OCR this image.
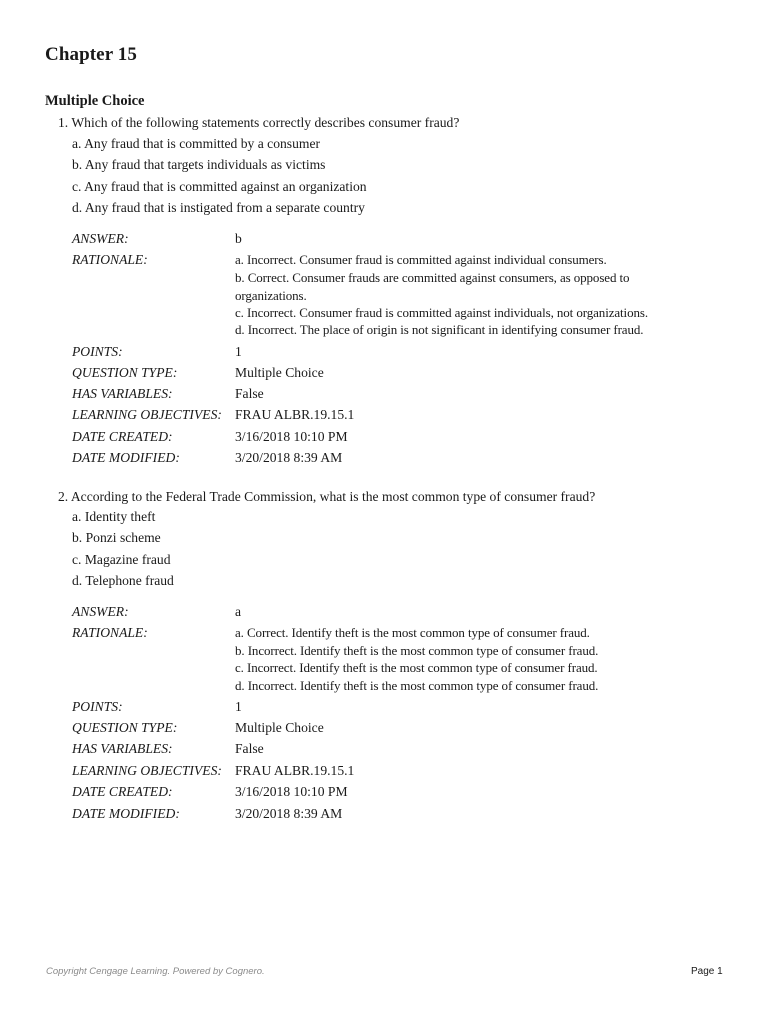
Chapter 15
Multiple Choice
1. Which of the following statements correctly describes consumer fraud?
a. Any fraud that is committed by a consumer
b. Any fraud that targets individuals as victims
c. Any fraud that is committed against an organization
d. Any fraud that is instigated from a separate country
ANSWER:	b
RATIONALE:	a. Incorrect. Consumer fraud is committed against individual consumers.
b. Correct. Consumer frauds are committed against consumers, as opposed to
organizations.
c. Incorrect. Consumer fraud is committed against individuals, not organizations.
d. Incorrect. The place of origin is not significant in identifying consumer fraud.
POINTS:	1
QUESTION TYPE:	Multiple Choice
HAS VARIABLES:	False
LEARNING OBJECTIVES: FRAU ALBR.19.15.1
DATE CREATED:	3/16/2018 10:10 PM
DATE MODIFIED:	3/20/2018 8:39 AM
2. According to the Federal Trade Commission, what is the most common type of consumer fraud?
a. Identity theft
b. Ponzi scheme
c. Magazine fraud
d. Telephone fraud
ANSWER:	a
RATIONALE:	a. Correct. Identify theft is the most common type of consumer fraud.
b. Incorrect. Identify theft is the most common type of consumer fraud.
c. Incorrect. Identify theft is the most common type of consumer fraud.
d. Incorrect. Identify theft is the most common type of consumer fraud.
POINTS:	1
QUESTION TYPE:	Multiple Choice
HAS VARIABLES:	False
LEARNING OBJECTIVES: FRAU ALBR.19.15.1
DATE CREATED:	3/16/2018 10:10 PM
DATE MODIFIED:	3/20/2018 8:39 AM
Copyright Cengage Learning. Powered by Cognero.	Page 1
